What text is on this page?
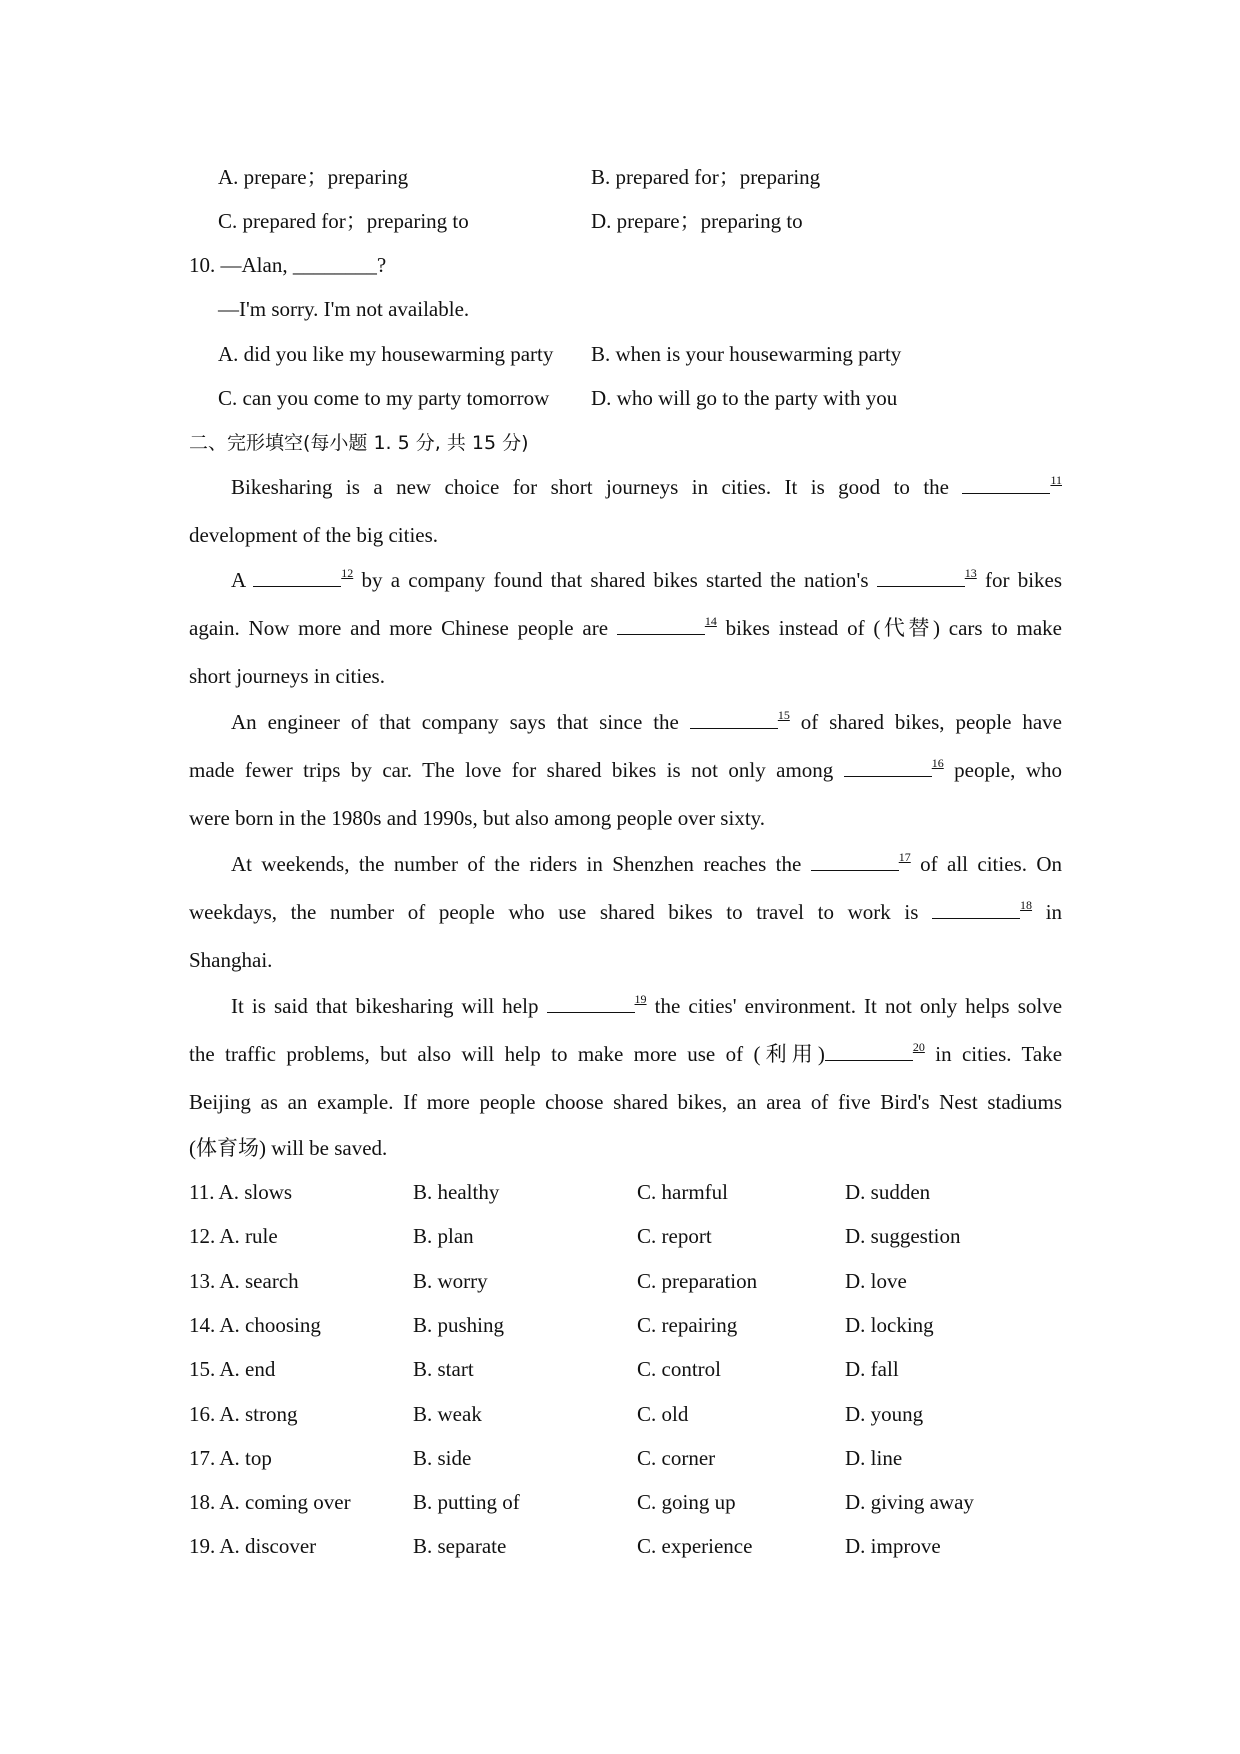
A. prepare；preparing	B. prepared for；preparing
C. prepared for；preparing to	D. prepare；preparing to
10. —Alan, ________?
—I'm sorry. I'm not available.
A. did you like my housewarming party B. when is your housewarming party
C. can you come to my party tomorrow D. who will go to the party with you
二、完形填空(每小题 1. 5 分, 共 15 分)
Bikesharing is a new choice for short journeys in cities. It is good to the	$^{11}$
development of the big cities.
A	$^{12}$ by a company found that shared bikes started the nation's	$^{13}$ for bikes
again. Now more and more Chinese people are	$^{14}$ bikes instead of (代替) cars to make
short journeys in cities.
An engineer of that company says that since the	$^{15}$ of shared bikes, people have
made fewer trips by car. The love for shared bikes is not only among	$^{16}$ people, who
were born in the 1980s and 1990s, but also among people over sixty.
At weekends, the number of the riders in Shenzhen reaches the	$^{17}$ of all cities. On
weekdays, the number of people who use shared bikes to travel to work is	$^{18}$ in
Shanghai.
It is said that bikesharing will help	$^{19}$ the cities' environment. It not only helps solve
the traffic problems, but also will help to make more use of (利用)	$^{20}$ in cities. Take
Beijing as an example. If more people choose shared bikes, an area of five Bird's Nest stadiums
(体育场) will be saved.
11. A. slows	B. healthy	C. harmful	D. sudden
12. A. rule	B. plan	C. report	D. suggestion
13. A. search	B. worry	C. preparation	D. love
14. A. choosing	B. pushing	C. repairing	D. locking
15. A. end	B. start	C. control	D. fall
16. A. strong	B. weak	C. old	D. young
17. A. top	B. side	C. corner	D. line
18. A. coming over	B. putting of	C. going up	D. giving away
19. A. discover	B. separate	C. experience	D. improve
